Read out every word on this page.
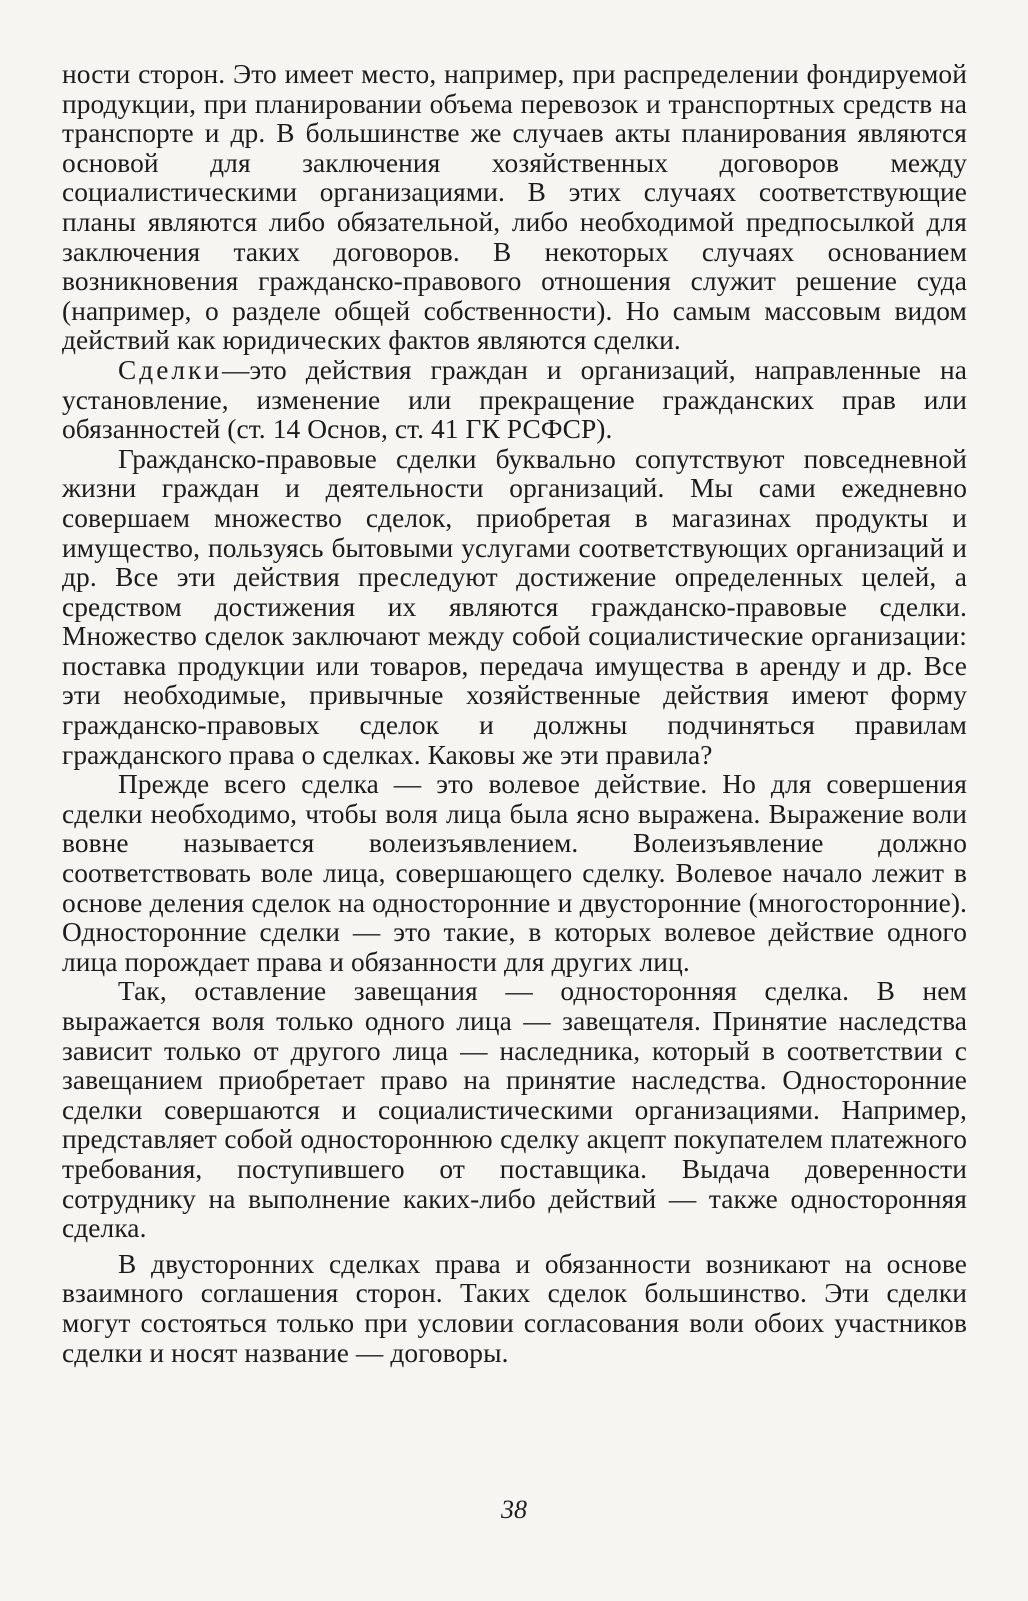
ности сторон. Это имеет место, например, при распределении фондируемой продукции, при планировании объема перевозок и транспортных средств на транспорте и др. В большинстве же случаев акты планирования являются основой для заключения хозяйственных договоров между социалистическими организациями. В этих случаях соответствующие планы являются либо обязательной, либо необходимой предпосылкой для заключения таких договоров. В некоторых случаях основанием возникновения гражданско-правового отношения служит решение суда (например, о разделе общей собственности). Но самым массовым видом действий как юридических фактов являются сделки.

Сделки—это действия граждан и организаций, направленные на установление, изменение или прекращение гражданских прав или обязанностей (ст. 14 Основ, ст. 41 ГК РСФСР).

Гражданско-правовые сделки буквально сопутствуют повседневной жизни граждан и деятельности организаций. Мы сами ежедневно совершаем множество сделок, приобретая в магазинах продукты и имущество, пользуясь бытовыми услугами соответствующих организаций и др. Все эти действия преследуют достижение определенных целей, а средством достижения их являются гражданско-правовые сделки. Множество сделок заключают между собой социалистические организации: поставка продукции или товаров, передача имущества в аренду и др. Все эти необходимые, привычные хозяйственные действия имеют форму гражданско-правовых сделок и должны подчиняться правилам гражданского права о сделках. Каковы же эти правила?

Прежде всего сделка — это волевое действие. Но для совершения сделки необходимо, чтобы воля лица была ясно выражена. Выражение воли вовне называется волеизъявлением. Волеизъявление должно соответствовать воле лица, совершающего сделку. Волевое начало лежит в основе деления сделок на односторонние и двусторонние (многосторонние). Односторонние сделки — это такие, в которых волевое действие одного лица порождает права и обязанности для других лиц.

Так, оставление завещания — односторонняя сделка. В нем выражается воля только одного лица — завещателя. Принятие наследства зависит только от другого лица — наследника, который в соответствии с завещанием приобретает право на принятие наследства. Односторонние сделки совершаются и социалистическими организациями. Например, представляет собой одностороннюю сделку акцепт покупателем платежного требования, поступившего от поставщика. Выдача доверенности сотруднику на выполнение каких-либо действий — также односторонняя сделка.

В двусторонних сделках права и обязанности возникают на основе взаимного соглашения сторон. Таких сделок большинство. Эти сделки могут состояться только при условии согласования воли обоих участников сделки и носят название — договоры.

38
